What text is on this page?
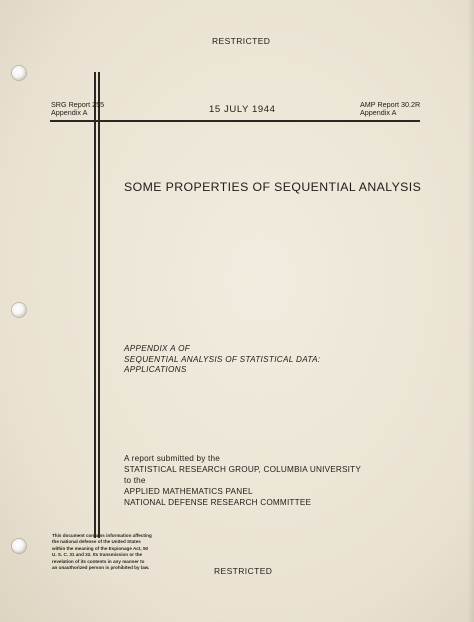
RESTRICTED

SRG Report 255

Appendix A	15 JULY 1944	AMP Report 30.2R

Appendix A

SOME PROPERTIES OF SEQUENTIAL ANALYSIS

APPENDIX A OF

SEQUENTIAL ANALYSIS OF STATISTICAL DATA:

APPLICATIONS

A report submitted by the

STATISTICAL RESEARCH GROUP, COLUMBIA UNIVERSITY

to the

APPLIED MATHEMATICS PANEL

NATIONAL DEFENSE RESEARCH COMMITTEE

This document contains information affecting

the national defense of the United States

within the meaning of the Espionage Act, 50

U. S. C. 31 and 32. Its transmission or the

revelation of its contents in any manner to

an unauthorized person is prohibited by law.	RESTRICTED
